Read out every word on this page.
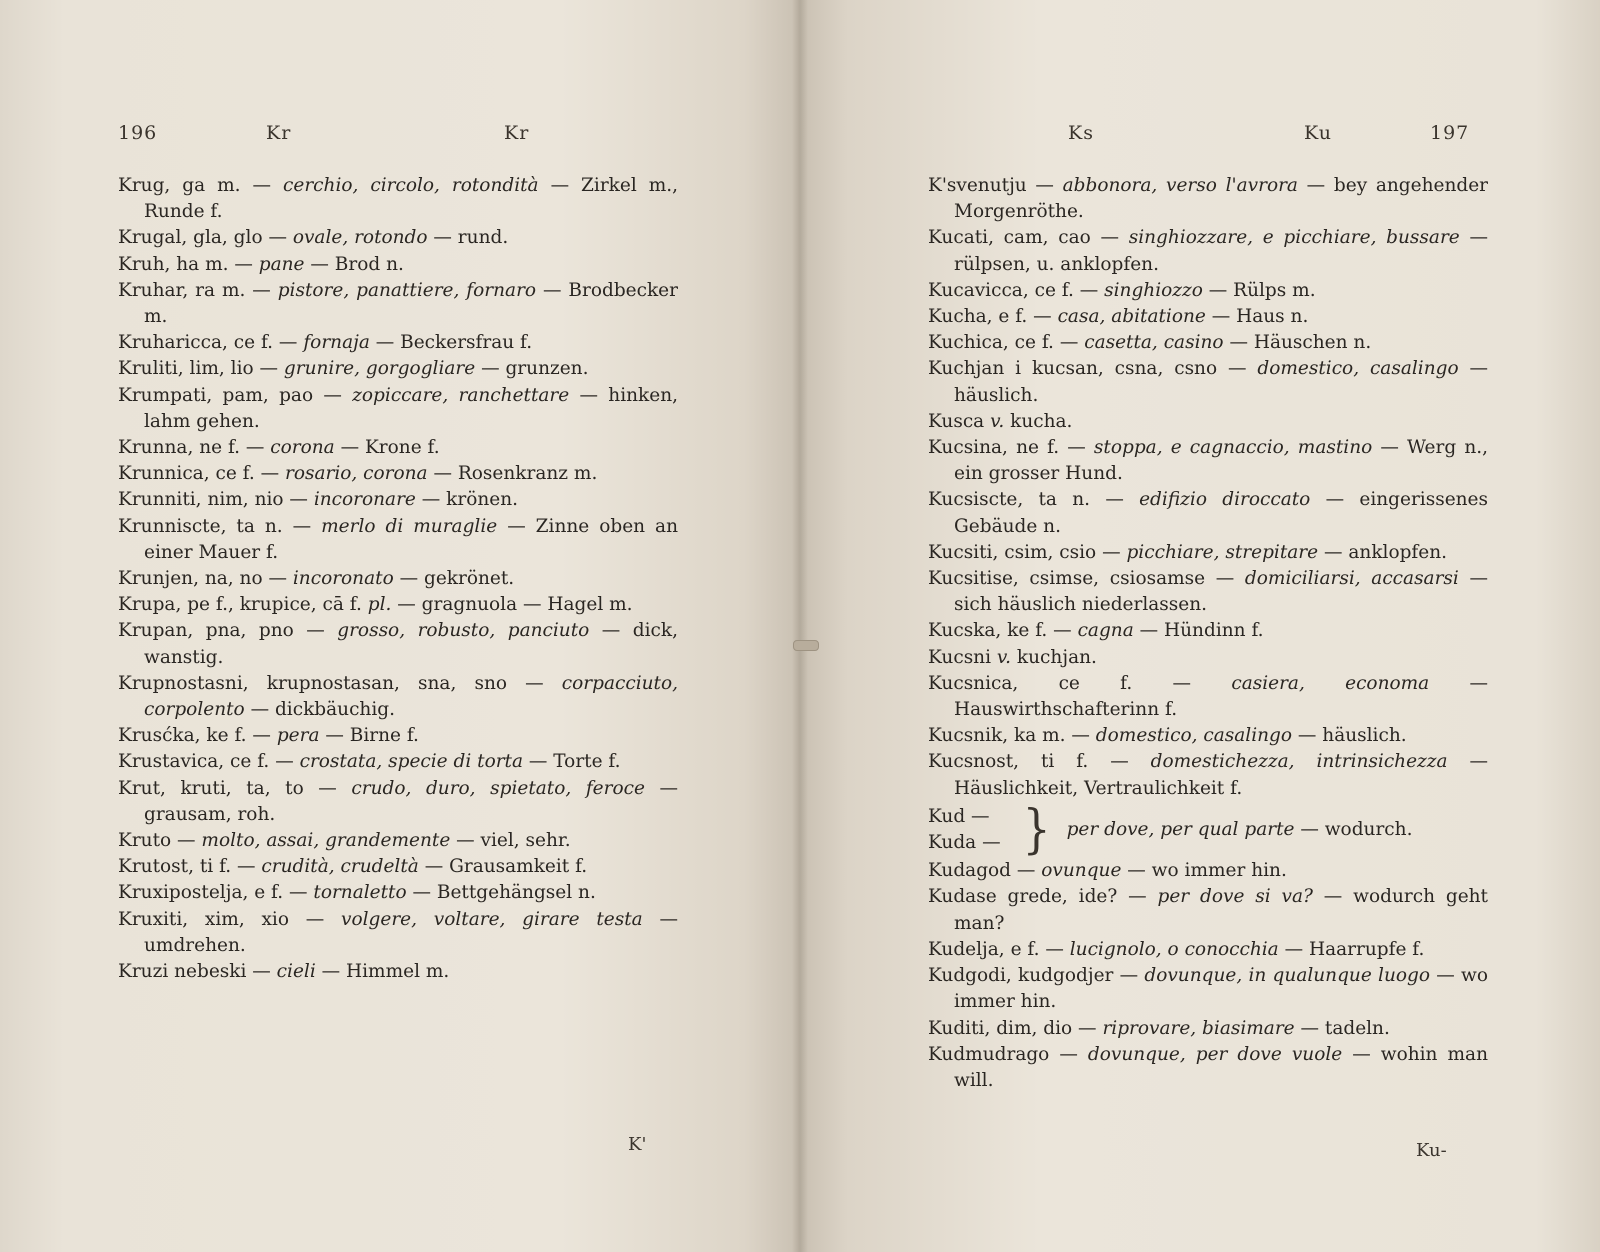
196	Kr	Kr
Krug, ga m. — cerchio, circolo, rotondità — Zirkel m., Runde f.
Krugal, gla, glo — ovale, rotondo — rund.
Kruh, ha m. — pane — Brod n.
Kruhar, ra m. — pistore, panattiere, fornaro — Brodbecker m.
Kruharicca, ce f. — fornaja — Beckersfrau f.
Kruliti, lim, lio — grunire, gorgogliare — grunzen.
Krumpati, pam, pao — zopiccare, ranchettare — hinken, lahm gehen.
Krunna, ne f. — corona — Krone f.
Krunnica, ce f. — rosario, corona — Rosenkranz m.
Krunniti, nim, nio — incoronare — krönen.
Krunniscte, ta n. — merlo di muraglie — Zinne oben an einer Mauer f.
Krunjen, na, no — incoronato — gekrönet.
Krupa, pe f., krupice, cā f. pl. — gragnuola — Hagel m.
Krupan, pna, pno — grosso, robusto, panciuto — dick, wanstig.
Krupnostasni, krupnostasan, sna, sno — corpacciuto, corpolento — dickbäuchig.
Krusćka, ke f. — pera — Birne f.
Krustavica, ce f. — crostata, specie di torta — Torte f.
Krut, kruti, ta, to — crudo, duro, spietato, feroce — grausam, roh.
Kruto — molto, assai, grandemente — viel, sehr.
Krutost, ti f. — crudità, crudeltà — Grausamkeit f.
Kruxipostelja, e f. — tornaletto — Bettgehängsel n.
Kruxiti, xim, xio — volgere, voltare, girare testa — umdrehen.
Kruzi nebeski — cieli — Himmel m.
K'
Ks	Ku	197
K'svenutju — abbonora, verso l'avrora — bey angehender Morgenröthe.
Kucati, cam, cao — singhiozzare, e picchiare, bussare — rülpsen, u. anklopfen.
Kucavicca, ce f. — singhiozzo — Rülps m.
Kucha, e f. — casa, abitatione — Haus n.
Kuchica, ce f. — casetta, casino — Häuschen n.
Kuchjan i kucsan, csna, csno — domestico, casalingo — häuslich.
Kusca v. kucha.
Kucsina, ne f. — stoppa, e cagnaccio, mastino — Werg n., ein grosser Hund.
Kucsiscte, ta n. — edifizio diroccato — eingerissenes Gebäude n.
Kucsiti, csim, csio — picchiare, strepitare — anklopfen.
Kucsitise, csimse, csiosamse — domiciliarsi, accasarsi — sich häuslich niederlassen.
Kucska, ke f. — cagna — Hündinn f.
Kucsni v. kuchjan.
Kucsnica, ce f. — casiera, economa — Hauswirthschafterinn f.
Kucsnik, ka m. — domestico, casalingo — häuslich.
Kucsnost, ti f. — domestichezza, intrinsichezza — Häuslichkeit, Vertraulichkeit f.
Kud —
Kuda — } per dove, per qual parte — wodurch.
Kudagod — ovunque — wo immer hin.
Kudase grede, ide? — per dove si va? — wodurch geht man?
Kudelja, e f. — lucignolo, o conocchia — Haarrupfe f.
Kudgodi, kudgodjer — dovunque, in qualunque luogo — wo immer hin.
Kuditi, dim, dio — riprovare, biasimare — tadeln.
Kudmudrago — dovunque, per dove vuole — wohin man will.
Ku-
